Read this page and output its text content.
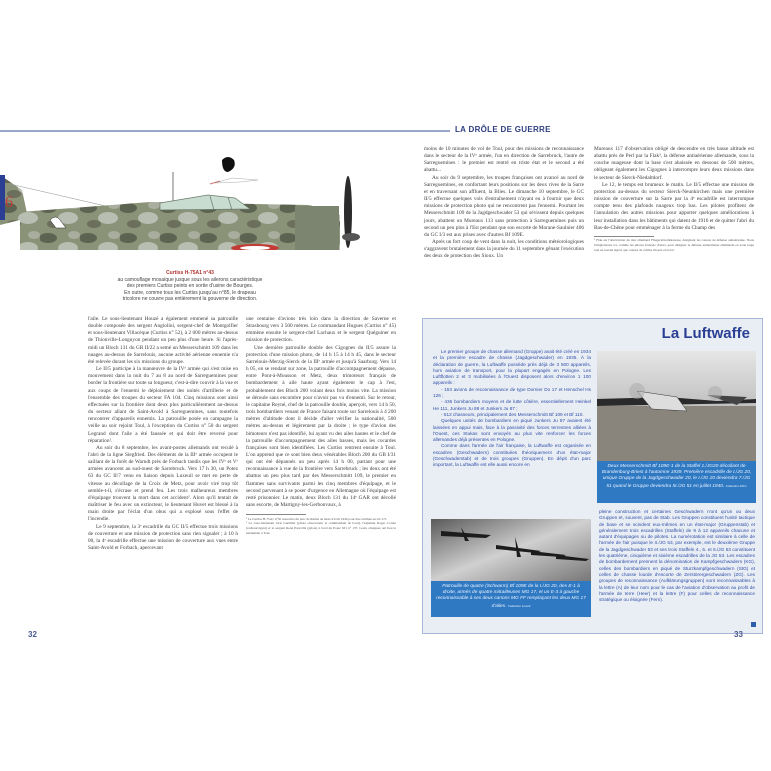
LA DRÔLE DE GUERRE
6
Curtiss H-75A1 n°43
au camouflage mosaïque jusque sous les ailerons caractéristique
des premiers Curtiss peints en sortie d'usine de Bourges.
En outre, comme tous les Curtiss jusqu'au n°85, le drapeau
tricolore ne couvre pas entièrement la gouverne de direction.

l'aile. Le sous-lieutenant Houzé a également emmené sa patrouille double composée des sergent Angiolini, sergent-chef de Montgolfier et sous-lieutenant Villacèque (Curtiss n° 52), à 2 000 mètres au-dessus de Thionville-Longuyon pendant un peu plus d'une heure. Si l'après-midi un Bloch 131 du GR II/22 a semé un Messerschmitt 109 dans les nuages au-dessus de Sarrelouis, aucune activité aérienne ennemie n'a été relevée durant les six missions du groupe.

Le II/5 participe à la manœuvre de la IVᵉ armée qui s'est mise en mouvement dans la nuit du 7 au 8 au nord de Sarreguemines pour border la frontière sur toute sa longueur, c'est-à-dire couvrir à la vue et aux coups de l'ennemi le déploiement des unités d'artillerie et de l'ensemble des troupes du secteur FA 104. Cinq missions sont ainsi effectuées sur la frontière dont deux plus particulièrement au-dessus du secteur allant de Saint-Avold à Sarreguemines, sans toutefois rencontrer d'appareils ennemis. La patrouille posée en campagne la veille au soir rejoint Toul, à l'exception du Curtiss n° 50 du sergent Legrand dont l'aile a été faussée et qui doit être reversé pour réparation¹.

Au soir du 8 septembre, les avant-postes allemands ont reculé à l'abri de la ligne Siegfried. Des éléments de la IIIᵉ armée occupent le saillant de la forêt de Warndt près de Forbach tandis que les IVᵉ et Vᵉ armées avancent au sud-ouest de Sarrebruck. Vers 17 h 30, un Potez 63 du GC II/7 venu en liaison depuis Luxeuil se met en perte de vitesse au décollage de la Croix de Metz, pour avoir viré trop tôt semble-t-il, s'écrase et prend feu. Les trois malheureux membres d'équipage trouvent la mort dans cet accident². Alors qu'il tentait de maîtriser le feu avec un extincteur, le lieutenant Huvet est blessé à la main droite par l'éclat d'un obus qui a explosé sous l'effet de l'incendie.

Le 9 septembre, la 3ᵉ escadrille du GC II/5 effectue trois missions de couverture et une mission de protection sans rien signaler ; à 10 h 00, la 4ᵉ escadrille effectue une mission de couverture aux vues entre Saint-Avold et Forbach, apercevant

une centaine d'avions très loin dans la direction de Saverne et Strasbourg vers 3 500 mètres. Le commandant Hugues (Curtiss n° 45) emmène ensuite le sergent-chef Lachaux et le sergent Quéguiner en mission de protection.

Une dernière patrouille double des Cigognes du II/5 assure la protection d'une mission photo, de 14 h 15 à 14 h 45, dans le secteur Sarrelouis-Merzig-Sierck de la IIIᵉ armée et jusqu'à Saarburg. Vers 14 h 05, en se rendant sur zone, la patrouille d'accompagnement dépasse, entre Pont-à-Mousson et Metz, deux trimoteurs français de bombardement à aile haute ayant également le cap à l'est, probablement des Bloch 200 volant deux fois moins vite. La mission se déroule sans encombre pour n'avoir pas vu d'ennemi. Sur le retour, le capitaine Reyné, chef de la patrouille double, aperçoit, vers 14 h 50, trois bombardiers venant de France faisant route sur Sarrelouis à 4 200 mètres d'altitude dont il décide d'aller vérifier la nationalité, 500 mètres au-dessus et légèrement par la droite ; le type d'avion des bimoteurs n'est pas identifié, lui ayant vu des ailes hautes et le chef de la patrouille d'accompagnement des ailes basses, mais les cocardes françaises sont bien identifiées. Les Curtiss rentrent ensuite à Toul. L'on apprend que ce sont bien deux vénérables Bloch 200 du GB I/31 qui ont été dépannés un peu après 14 h 00, partant pour une reconnaissance à vue de la frontière vers Sarrebruck ; les deux ont été abattus un peu plus tard par des Messerschmitt 109, le premier en flammes sans survivants parmi les cinq membres d'équipage, et le second parvenant à se poser d'urgence en Allemagne où l'équipage est resté prisonnier. Le matin, deux Bloch 131 du 14ᵉ GAR ont décollé sans escorte, de Martigny-les-Gerbonvaux, à

¹ Le Curtiss H-75A1 n°50 ressortira du parc de Reims au mois d'avril 1940 pour être attribué au GC I/5.
² Le sous-lieutenant Jack Guérilier (pilote observateur et commandant de bord), l'adjudant Roger Cornet (radionavigant) et le sergent René Paravilla (pilote) à bord du Potez 631 n° 137. Leurs obsèques ont lieu le lendemain à Toul.
32

moins de 10 minutes de vol de Toul, pour des missions de reconnaissance dans le secteur de la IVᵉ armée, l'un en direction de Sarrebruck, l'autre de Sarreguemines : le premier est rentré en triste état et le second a été abattu...

Au soir du 9 septembre, les troupes françaises ont avancé au nord de Sarreguemines, en confortant leurs positions sur les deux rives de la Sarre et en traversant son affluent, la Blies. Le dimanche 10 septembre, le GC II/5 effectue quelques vols d'entraînement n'ayant eu à fournir que deux missions de protection photo qui ne rencontrent pas l'ennemi. Pourtant les Messerschmitt 109 de la Jagdgeschwader 53 qui sévissent depuis quelques jours, abattent un Mureaux 113 sans protection à Sarreguemines puis un second un peu plus à l'Est pendant que son escorte de Morane-Saulnier 406 du GC I/3 est aux prises avec d'autres Bf 109E.

Après un fort coup de vent dans la nuit, les conditions météorologiques s'aggravent brutalement dans la journée du 11 septembre gênant l'exécution des deux de protection des Sioux. Un

Mureaux 117 d'observation obligé de descendre en très basse altitude est abattu près de Perl par la Flak³, la défense antiaérienne allemande, sous la couche nuageuse dont la base s'est abaissée en dessous de 500 mètres, obligeant également les Cigognes à interrompre leurs deux missions dans le secteur de Sierck-Niedaltdorf.

Le 12, le temps est brumeux le matin. Le II/5 effectue une mission de protection au-dessus du secteur Sierck-Neunkirchen mais une première mission de couverture sur la Sarre par la 4ᵉ escadrille est interrompue compte tenu des plafonds nuageux trop bas. Les pilotes profitent de l'annulation des autres missions pour apporter quelques améliorations à leur installation dans les bâtiments qui datent de 1916 et de quitter l'abri du Bas-de-Chêne pour emménager à la ferme du Champ des

³ Flak est l'abréviation du mot allemand Fliegerabwehrkanone, désignant les canons de défense antiaérienne. Nous l'emploierons ici, comme les pilotes français d'alors, pour désigner la défense antiaérienne allemande en zone large tout en restant légers que canons de calibre moyen en bord.
La Luftwaffe

Le premier groupe de chasse allemand (Gruppe) avait été créé en 1934 et la première escadre de chasse (Jagdgeschwader) en 1935. À la déclaration de guerre, la Luftwaffe possède près déjà de 3 500 appareils, hors aviation de transport, pour la plupart engagés en Pologne. Les Luftflotten 2 et 3 mobilisées à l'Ouest disposent alors d'environ 1 100 appareils :

- 153 avions de reconnaissance de type Dornier Do 17 et Henschel Hs 126 ;

- 436 bombardiers moyens et de lutte côtière, essentiellement Heinkel He 111, Junkers Ju 88 et Junkers Ju 87 ;

- 512 chasseurs, principalement des Messerschmitt Bf 109 et Bf 110.

Quelques unités de bombardiers en piqué Junkers Ju 87 avaient été laissées en appui mais, face à la passivité des forces terrestres alliées à l'Ouest, ces Stukas sont envoyés au plus vite renforcer les forces allemandes déjà présentes en Pologne.

Comme dans l'armée de l'air française, la Luftwaffe est organisée en escadres (Geschwadern) constituées théoriquement d'un état-major (Geschwaderstab) et de trois groupes (Gruppen). En dépit d'un parc important, la Luftwaffe est elle aussi encore en	Deux Messerschmitt Bf 109E-1 de la Staffel 1./JG20 décollant de Brandenburg-Briest à l'automne 1939. Première escadrille de I./JG 20, unique Gruppe de la Jagdgeschwader 20, le I./JG 20 deviendra 7./JG 51 quand le Gruppe deviendra III./JG 51 en juillet 1940. Collection Kühn
Patrouille de quatre (Schwarm) Bf 109E de la I./JG 20, des E-1 à droite, armés de quatre mitrailleuses MG 17, et un E-3 à gauche reconnaissable à ses deux canons MG FF remplaçant les deux MG 17 d'ailes. Collection Lorant

pleine construction et certaines Geschwadern n'ont qu'un ou deux Gruppen et, souvent, pas de Stab. Les Gruppen constituent l'unité tactique de base et se scindent eux-mêmes en un état-major (Gruppenstab) et généralement trois escadrilles (Staffeln) de 9 à 12 appareils chacune et autant d'équipages ou de pilotes. La numérotation est similaire à celle de l'armée de l'air puisque le II./JG 53, par exemple, est le deuxième Gruppe de la Jagdgeschwader 53 et ses trois Staffeln 4., 5. et 6./JG 53 constituent les quatrième, cinquième et sixième escadrilles de la JG 53. Les escadres de bombardement prennent la dénomination de Kampfgeschwadern (KG), celles des bombardiers en piqué de Sturzkampfgeschwadern (StG) et celles de chasse lourde d'escorte de Zerstörergeschwadern (ZG). Les groupes de reconnaissance (Aufklärungsgruppen) sont reconnaissables à la lettre (A) de leur nom pour le cas de l'aviation d'observation au profit de l'armée de terre (Heer) et la lettre (F) pour celles de reconnaissance stratégique ou éloignée (Fern).

33
